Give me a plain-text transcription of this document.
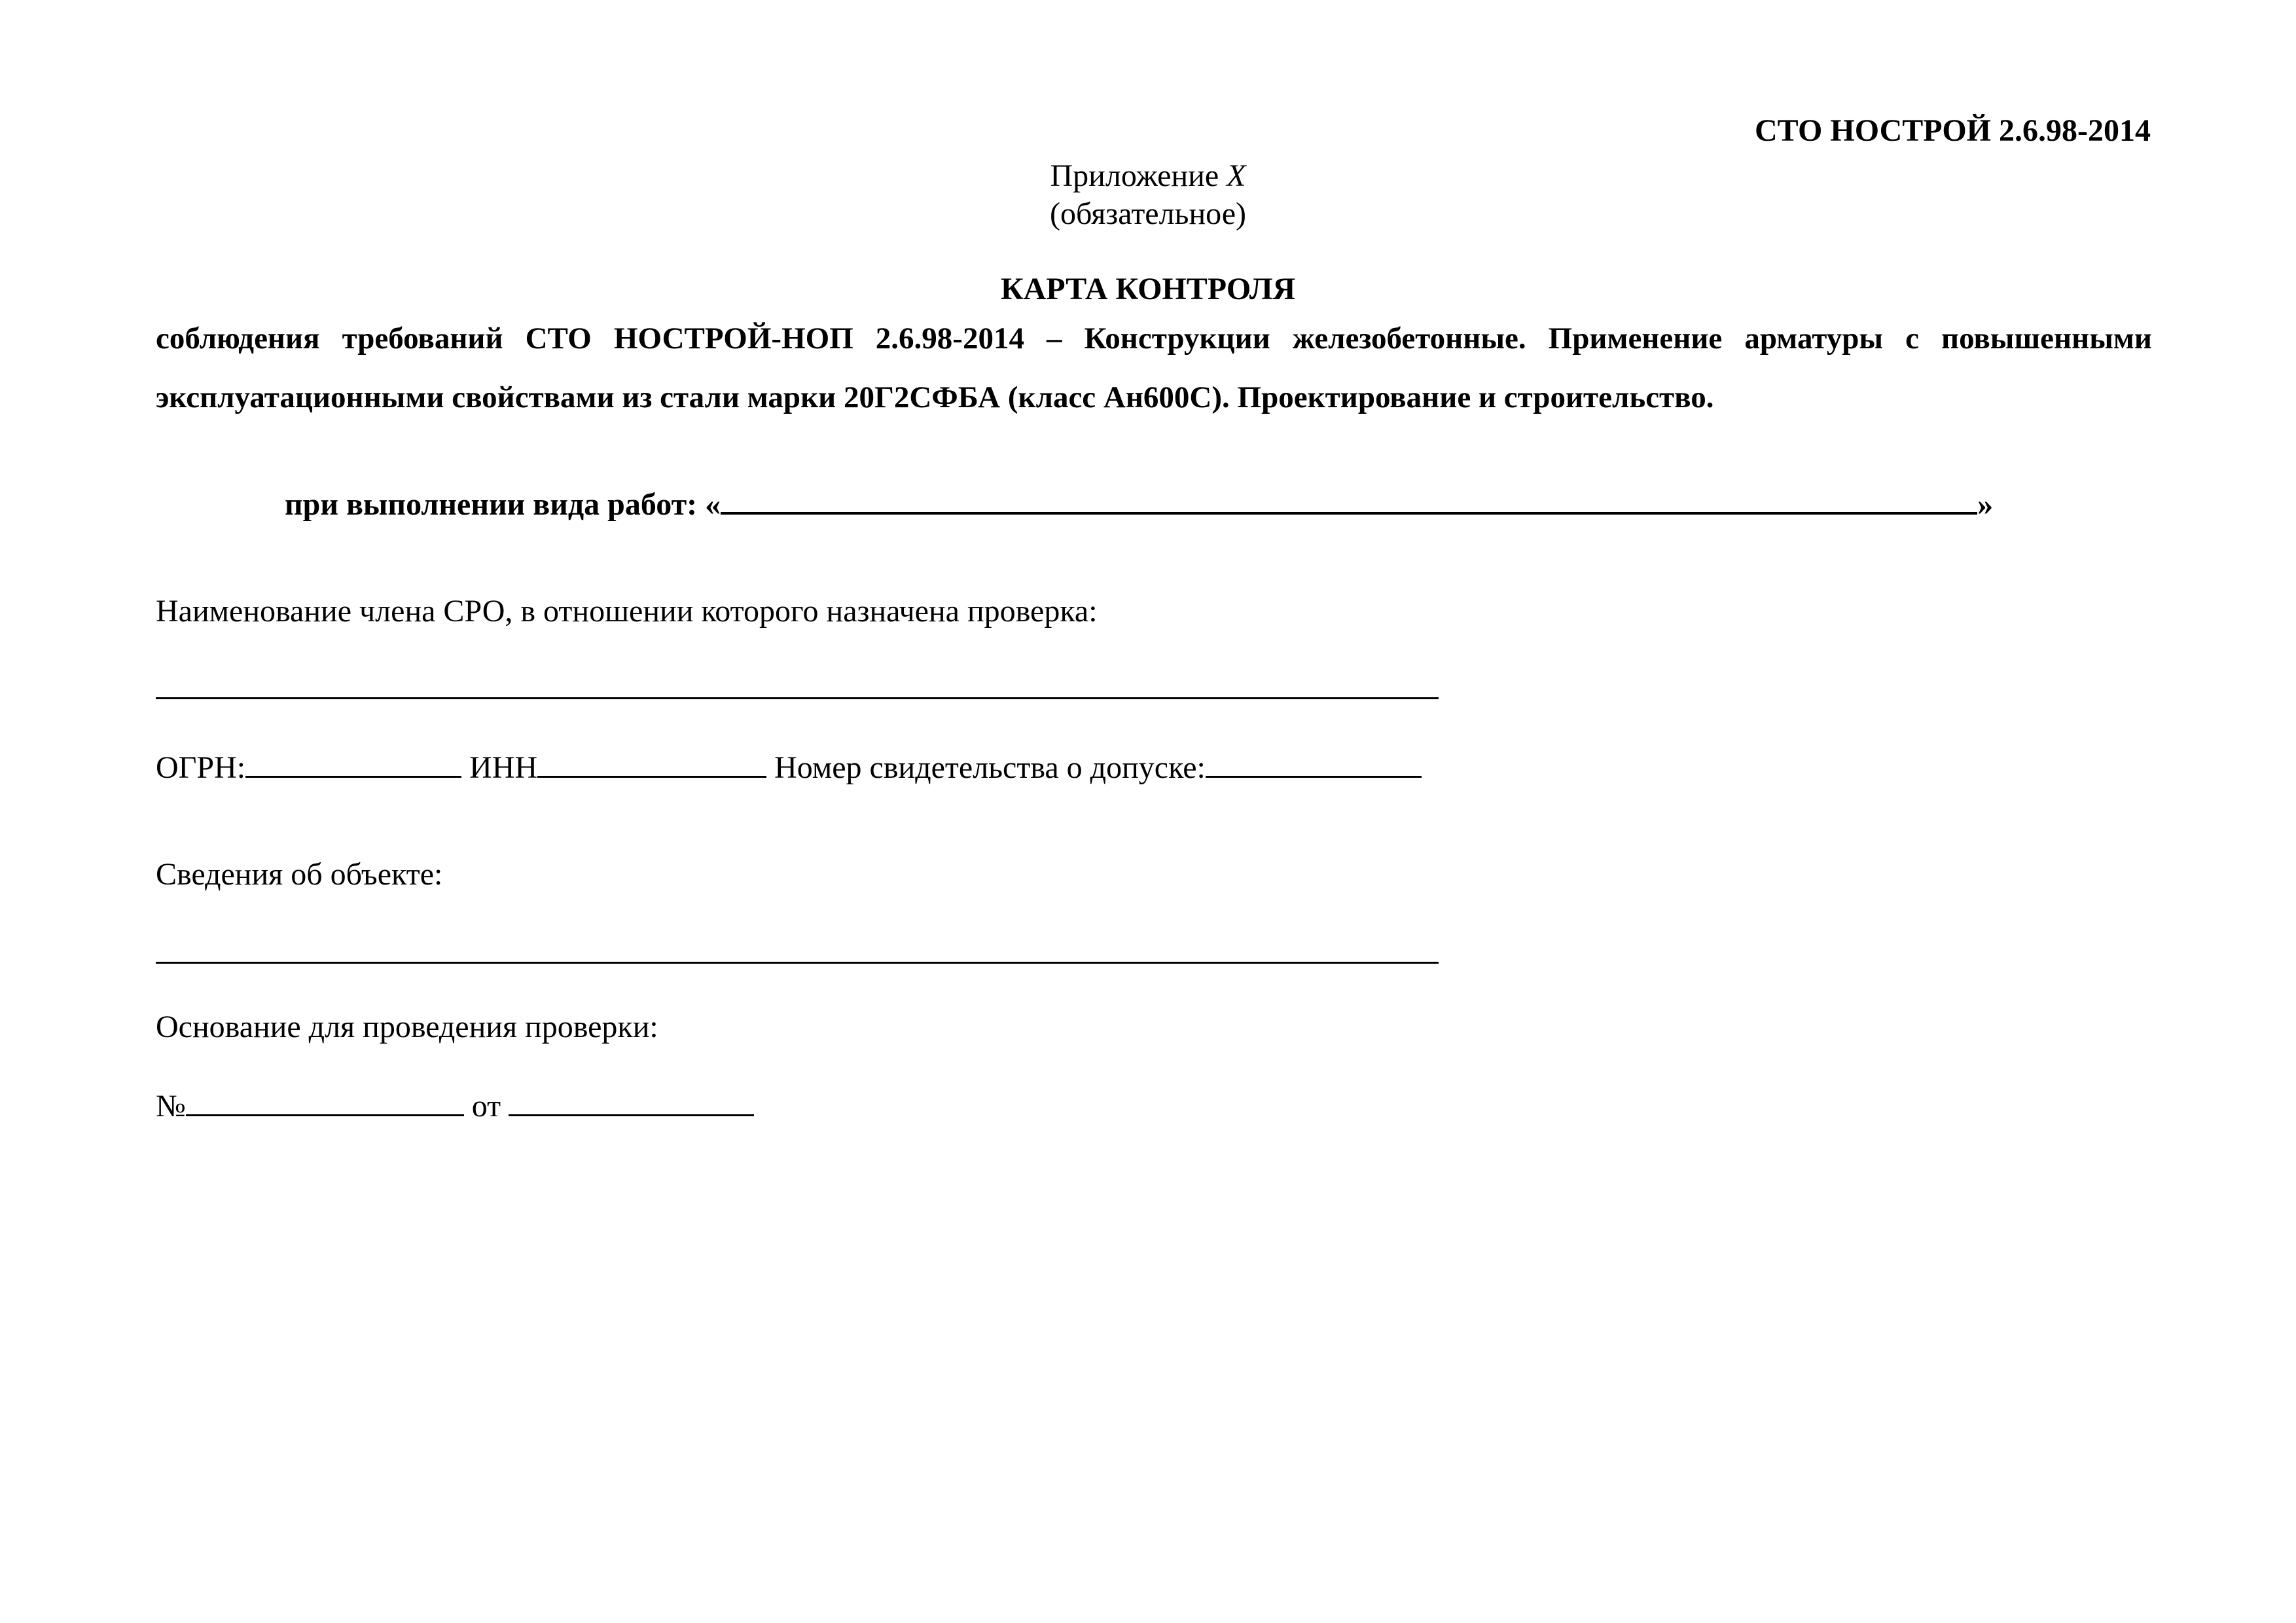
СТО НОСТРОЙ 2.6.98-2014
Приложение Х
(обязательное)
КАРТА КОНТРОЛЯ
соблюдения требований СТО НОСТРОЙ-НОП 2.6.98-2014 – Конструкции железобетонные. Применение арматуры с повышенными эксплуатационными свойствами из стали марки 20Г2СФБА (класс Ан600С). Проектирование и строительство.
при выполнении вида работ: «	»
Наименование члена СРО, в отношении которого назначена проверка:
ОГРН:	ИНН	Номер свидетельства о допуске:
Сведения об объекте:
Основание для проведения проверки:
№	от
